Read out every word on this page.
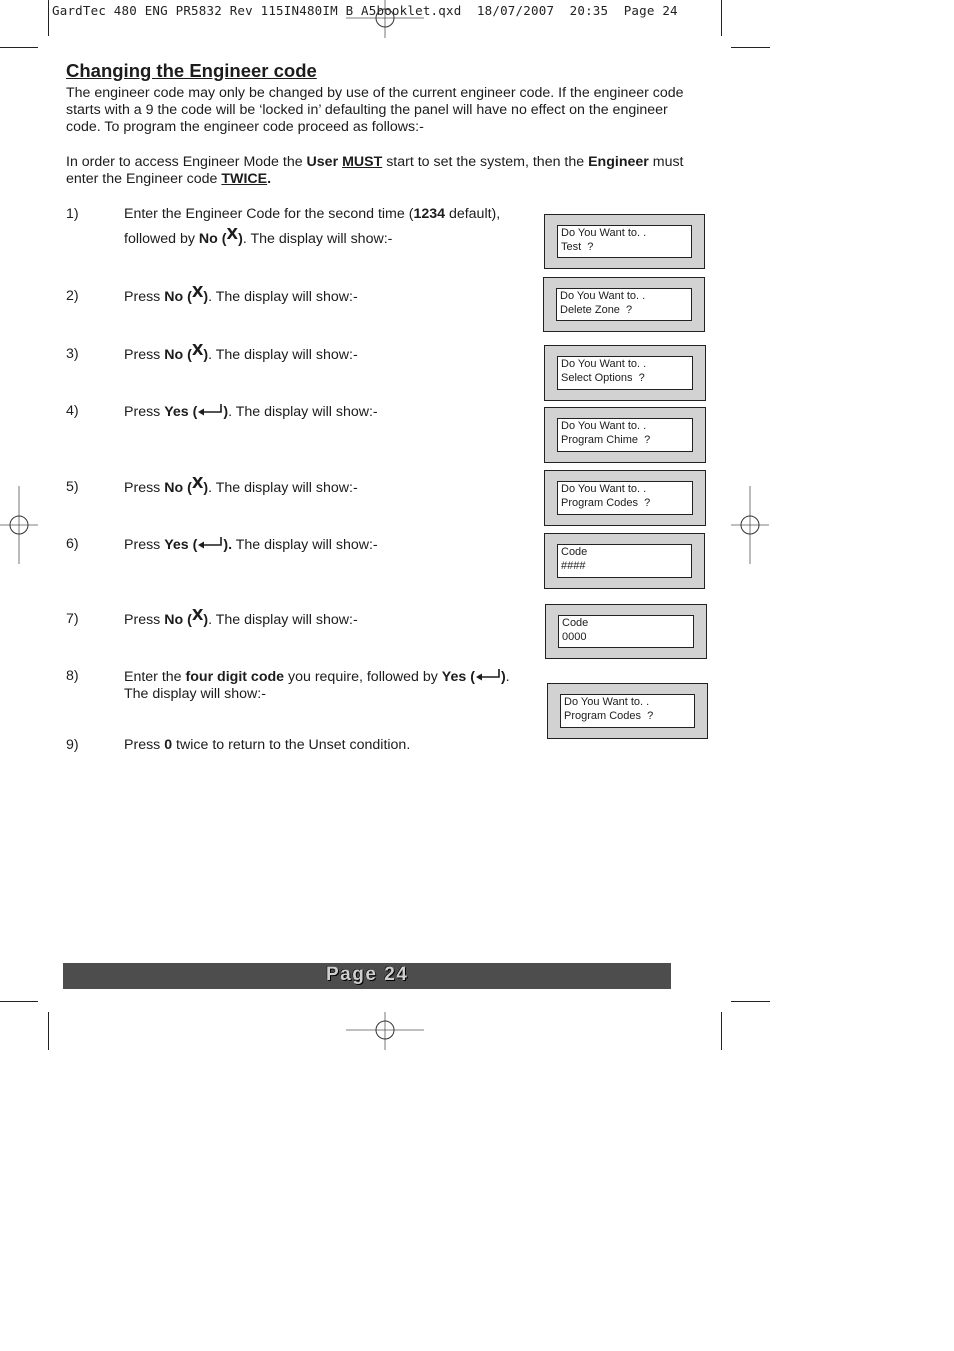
GardTec 480 ENG PR5832 Rev 115IN480IM B A5booklet.qxd  18/07/2007  20:35  Page 24
Changing the Engineer code

The engineer code may only be changed by use of the current engineer code. If the engineer code starts with a 9 the code will be ‘locked in’ defaulting the panel will have no effect on the engineer code. To program the engineer code proceed as follows:-

In order to access Engineer Mode the User MUST start to set the system, then the Engineer must enter the Engineer code TWICE.

1)	Enter the Engineer Code for the second time (1234 default),
followed by No (X). The display will show:-
2)	Press No (X). The display will show:-
3)	Press No (X). The display will show:-
4)	Press Yes ( ). The display will show:-
5)	Press No (X). The display will show:-
6)	Press Yes ( ). The display will show:-
7)	Press No (X). The display will show:-
8)	Enter the four digit code you require, followed by Yes ( ).
The display will show:-
9)	Press 0 twice to return to the Unset condition.
Do You Want to. .
Test  ?
Do You Want to. .
Delete Zone  ?
Do You Want to. .
Select Options  ?
Do You Want to. .
Program Chime  ?
Do You Want to. .
Program Codes  ?
Code
####
Code
0000
Do You Want to. .
Program Codes  ?
Page 24
